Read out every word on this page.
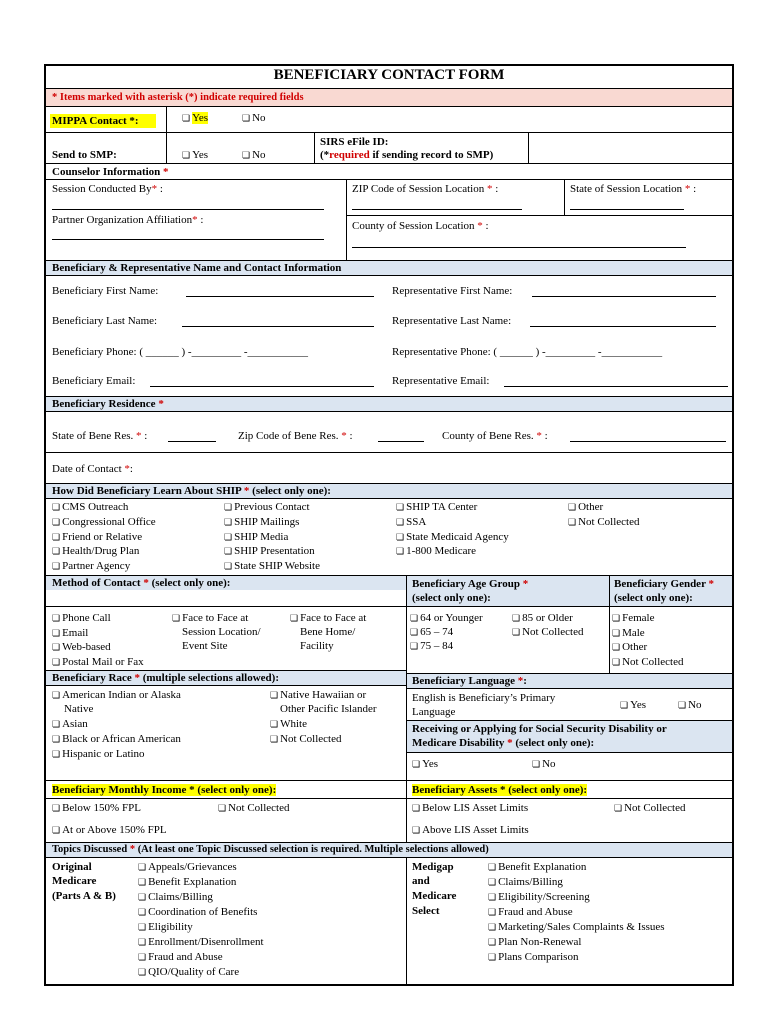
BENEFICIARY CONTACT FORM
* Items marked with asterisk (*) indicate required fields
MIPPA Contact *:	❏ Yes	❏ No
Send to SMP:	❏ Yes	❏ No
SIRS eFile ID:
(*required if sending record to SMP)
Counselor Information *
Session Conducted By* :
Partner Organization Affiliation* :
ZIP Code of Session Location * :	State of Session Location * :
County of Session Location * :
Beneficiary & Representative Name and Contact Information
Beneficiary First Name:	Representative First Name:
Beneficiary Last Name:	Representative Last Name:
Beneficiary Phone: ( ______ ) -_________ -___________	Representative Phone: ( ______ ) -_________ -___________
Beneficiary Email:	Representative Email:
Beneficiary Residence *
State of Bene Res. * :	Zip Code of Bene Res. * :	County of Bene Res. * :
Date of Contact *:
How Did Beneficiary Learn About SHIP * (select only one):
❏ CMS Outreach
❏ Congressional Office
❏ Friend or Relative
❏ Health/Drug Plan
❏ Partner Agency
❏ Previous Contact
❏ SHIP Mailings
❏ SHIP Media
❏ SHIP Presentation
❏ State SHIP Website
❏ SHIP TA Center
❏ SSA
❏ State Medicaid Agency
❏ 1-800 Medicare
❏ Other
❏ Not Collected
Method of Contact * (select only one):	Beneficiary Age Group *
(select only one):
Beneficiary Gender *
(select only one):
❏ Phone Call
❏ Email
❏ Web-based
❏ Postal Mail or Fax
❏ Face to Face at
Session Location/
Event Site
❏ Face to Face at
Bene Home/
Facility
❏ 64 or Younger
❏ 65 – 74
❏ 75 – 84
❏ 85 or Older
❏ Not Collected
❏ Female
❏ Male
❏ Other
❏ Not Collected
Beneficiary Race * (multiple selections allowed):
❏ American Indian or Alaska
Native
❏ Asian
❏ Black or African American
❏ Hispanic or Latino
❏ Native Hawaiian or
Other Pacific Islander
❏ White
❏ Not Collected
Beneficiary Language *:
English is Beneficiary’s Primary
Language
❏ Yes	❏ No
Receiving or Applying for Social Security Disability or
Medicare Disability * (select only one):
❏ Yes	❏ No
Beneficiary Monthly Income * (select only one):	Beneficiary Assets * (select only one):
❏ Below 150% FPL	❏ Not Collected
❏ At or Above 150% FPL
❏ Below LIS Asset Limits	❏ Not Collected
❏ Above LIS Asset Limits
Topics Discussed * (At least one Topic Discussed selection is required. Multiple selections allowed)
Original
Medicare
(Parts A & B)
❏ Appeals/Grievances
❏ Benefit Explanation
❏ Claims/Billing
❏ Coordination of Benefits
❏ Eligibility
❏ Enrollment/Disenrollment
❏ Fraud and Abuse
❏ QIO/Quality of Care
Medigap
and
Medicare
Select
❏ Benefit Explanation
❏ Claims/Billing
❏ Eligibility/Screening
❏ Fraud and Abuse
❏ Marketing/Sales Complaints & Issues
❏ Plan Non-Renewal
❏ Plans Comparison
